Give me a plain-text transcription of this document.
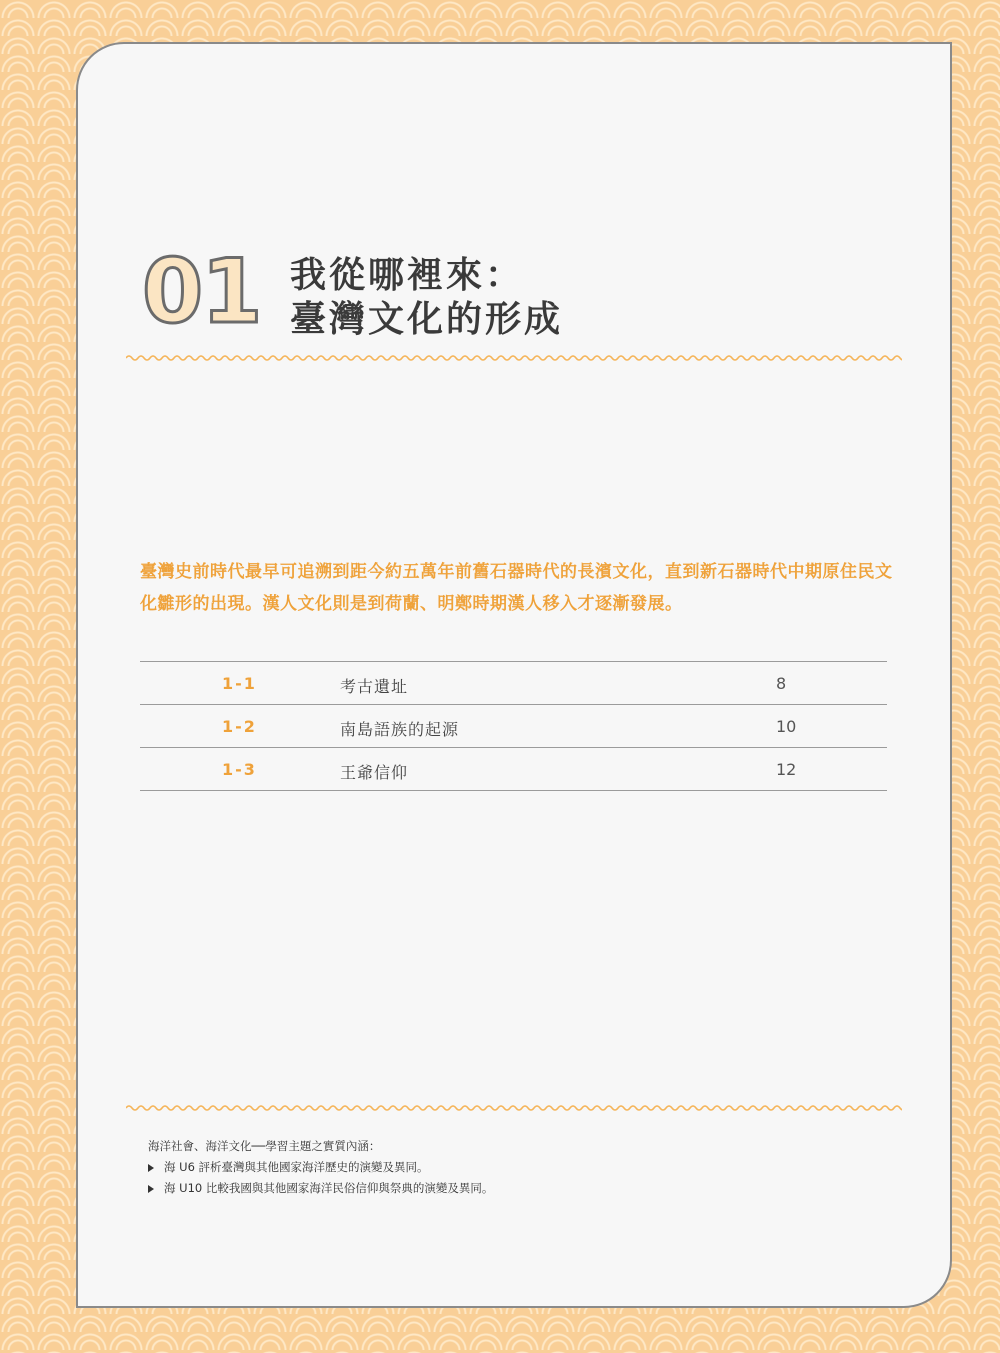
01 我從哪裡來：
臺灣文化的形成
臺灣史前時代最早可追溯到距今約五萬年前舊石器時代的長濱文化，直到新石器時代中期原住民文化雛形的出現。漢人文化則是到荷蘭、明鄭時期漢人移入才逐漸發展。
1-1	考古遺址	8
1-2	南島語族的起源	10
1-3	王爺信仰	12
海洋社會、海洋文化──學習主題之實質內涵：
海 U6 評析臺灣與其他國家海洋歷史的演變及異同。
海 U10 比較我國與其他國家海洋民俗信仰與祭典的演變及異同。
